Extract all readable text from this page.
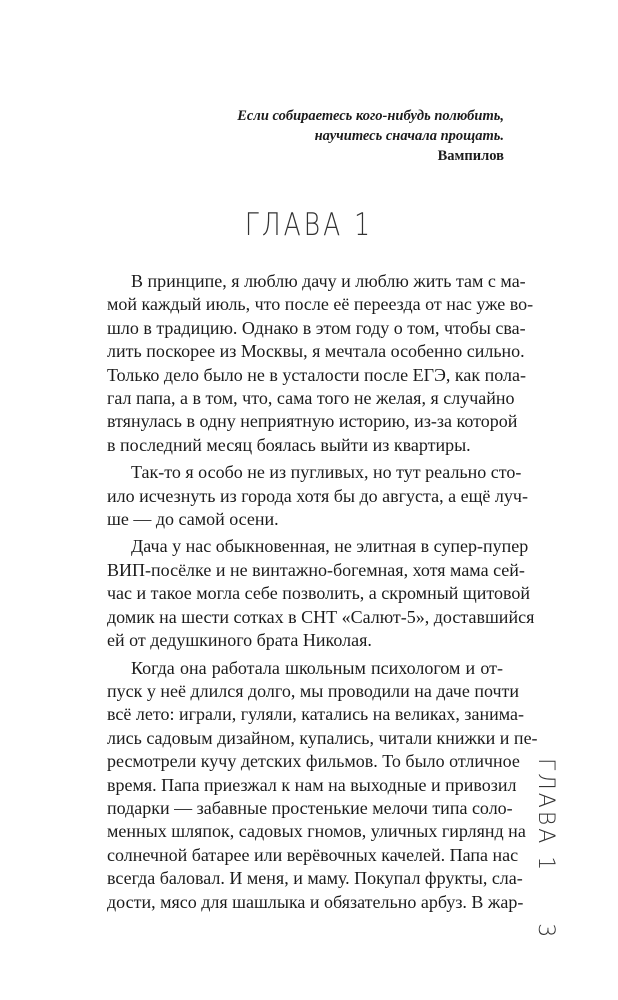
Если собираетесь кого-нибудь полюбить,
научитесь сначала прощать.
Вампилов
ГЛАВА 1
В принципе, я люблю дачу и люблю жить там с ма-
мой каждый июль, что после её переезда от нас уже во-
шло в традицию. Однако в этом году о том, чтобы сва-
лить поскорее из Москвы, я мечтала особенно сильно.
Только дело было не в усталости после ЕГЭ, как пола-
гал папа, а в том, что, сама того не желая, я случайно
втянулась в одну неприятную историю, из-за которой
в последний месяц боялась выйти из квартиры.
Так-то я особо не из пугливых, но тут реально сто-
ило исчезнуть из города хотя бы до августа, а ещё луч-
ше — до самой осени.
Дача у нас обыкновенная, не элитная в супер-пупер
ВИП-посёлке и не винтажно-богемная, хотя мама сей-
час и такое могла себе позволить, а скромный щитовой
домик на шести сотках в СНТ «Салют-5», доставшийся
ей от дедушкиного брата Николая.
Когда она работала школьным психологом и от-
пуск у неё длился долго, мы проводили на даче почти
всё лето: играли, гуляли, катались на великах, занима-
лись садовым дизайном, купались, читали книжки и пе-
ресмотрели кучу детских фильмов. То было отличное
время. Папа приезжал к нам на выходные и привозил
подарки — забавные простенькие мелочи типа соло-
менных шляпок, садовых гномов, уличных гирлянд на
солнечной батарее или верёвочных качелей. Папа нас
всегда баловал. И меня, и маму. Покупал фрукты, сла-
дости, мясо для шашлыка и обязательно арбуз. В жар-
ГЛАВА 1 3
